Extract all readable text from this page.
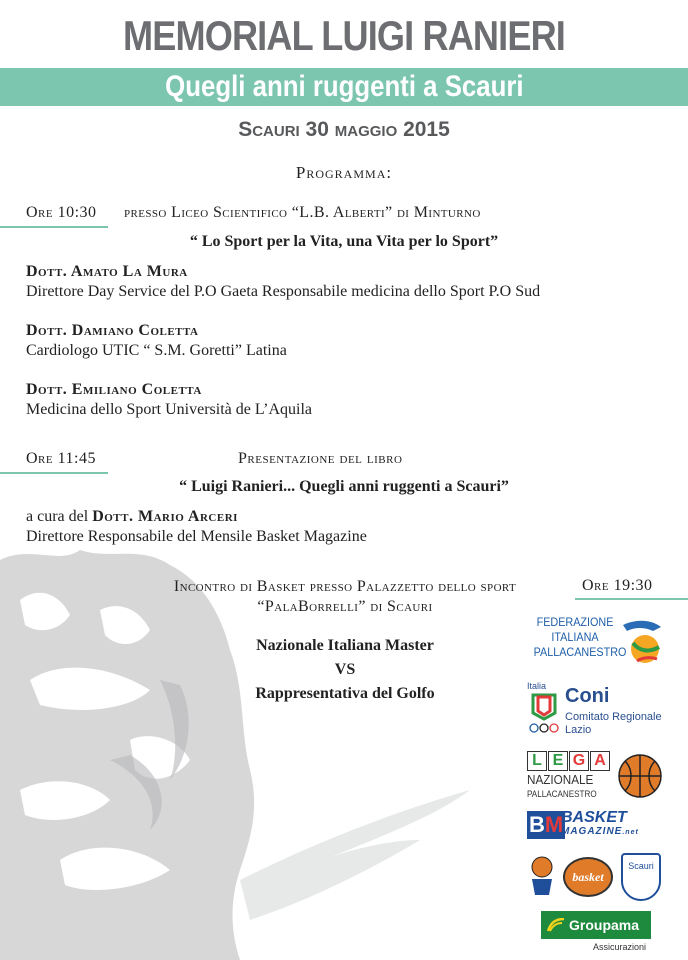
MEMORIAL LUIGI RANIERI
Quegli anni ruggenti a Scauri
Scauri 30 maggio 2015
Programma:
Ore 10:30 presso Liceo Scientifico “L.B. Alberti” di Minturno
“ Lo Sport per la Vita, una Vita per lo Sport”
Dott. Amato La Mura
Direttore Day Service del P.O Gaeta Responsabile medicina dello Sport P.O Sud
Dott. Damiano Coletta
Cardiologo UTIC “ S.M. Goretti” Latina
Dott. Emiliano Coletta
Medicina dello Sport Università de L’Aquila
Ore 11:45	Presentazione del libro
“ Luigi Ranieri... Quegli anni ruggenti a Scauri”
a cura del Dott. Mario Arceri
Direttore Responsabile del Mensile Basket Magazine
Incontro di Basket presso Palazzetto dello sport
“PalaBorrelli” di Scauri
Ore 19:30
Nazionale Italiana Master
VS
Rappresentativa del Golfo
FEDERAZIONE
ITALIANA
PALLACANESTRO
Italia Coni
Comitato Regionale
Lazio
L E G A
NAZIONALE
PALLACANESTRO
BM
BASKET
MAGAZINE.net
basket
Scauri
Groupama
Assicurazioni
